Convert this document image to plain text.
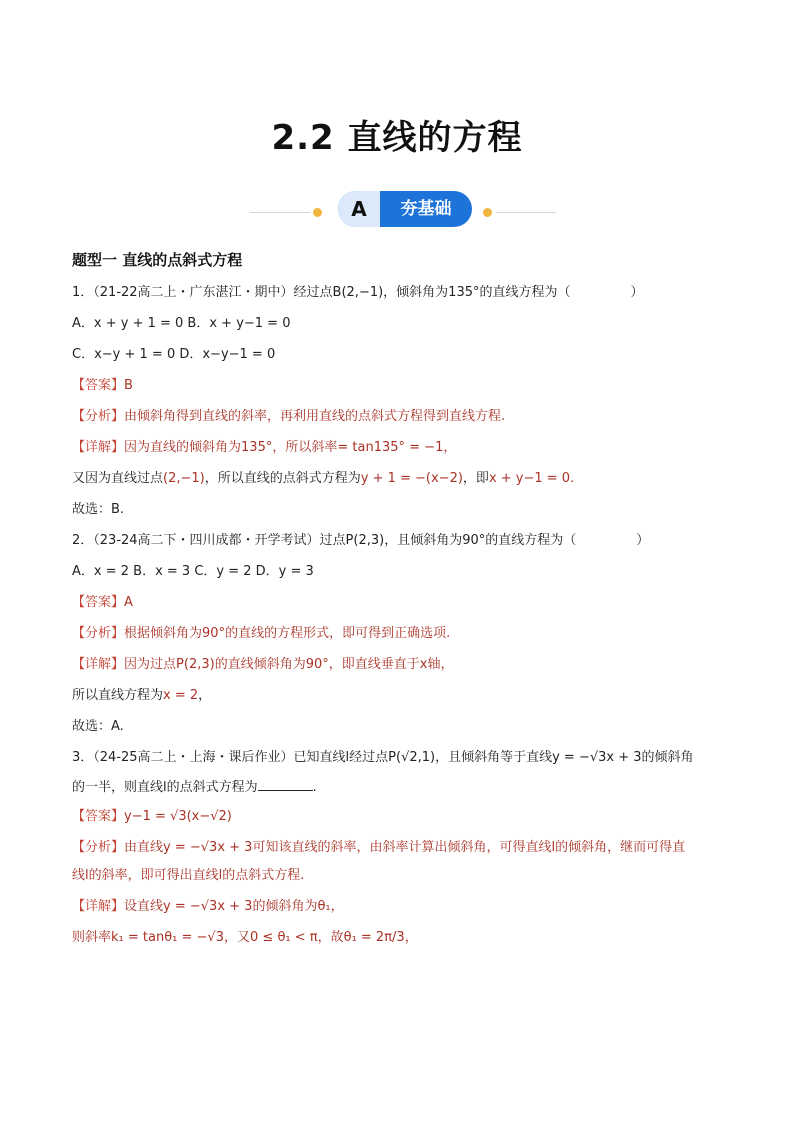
2.2 直线的方程
A	夯基础
题型一 直线的点斜式方程
1．（21-22高二上・广东湛江・期中）经过点B(2,−1)，倾斜角为135°的直线方程为（	）
A．x + y + 1 = 0 B．x + y−1 = 0
C．x−y + 1 = 0 D．x−y−1 = 0
【答案】B
【分析】由倾斜角得到直线的斜率，再利用直线的点斜式方程得到直线方程.
【详解】因为直线的倾斜角为135°，所以斜率= tan135° = −1，
又因为直线过点(2,−1)，所以直线的点斜式方程为y + 1 = −(x−2)，即x + y−1 = 0.
故选：B.
2．（23-24高二下・四川成都・开学考试）过点P(2,3)，且倾斜角为90°的直线方程为（	）
A．x = 2 B．x = 3 C．y = 2 D．y = 3
【答案】A
【分析】根据倾斜角为90°的直线的方程形式，即可得到正确选项.
【详解】因为过点P(2,3)的直线倾斜角为90°，即直线垂直于x轴，
所以直线方程为x = 2，
故选：A.
3．（24-25高二上・上海・课后作业）已知直线l经过点P(√2,1)，且倾斜角等于直线y = −√3x + 3的倾斜角
的一半，则直线l的点斜式方程为	.
【答案】y−1 = √3(x−√2)
【分析】由直线y = −√3x + 3可知该直线的斜率，由斜率计算出倾斜角，可得直线l的倾斜角，继而可得直
线l的斜率，即可得出直线l的点斜式方程.
【详解】设直线y = −√3x + 3的倾斜角为θ₁，
则斜率k₁ = tanθ₁ = −√3，又0 ≤ θ₁ < π，故θ₁ = 2π/3，
